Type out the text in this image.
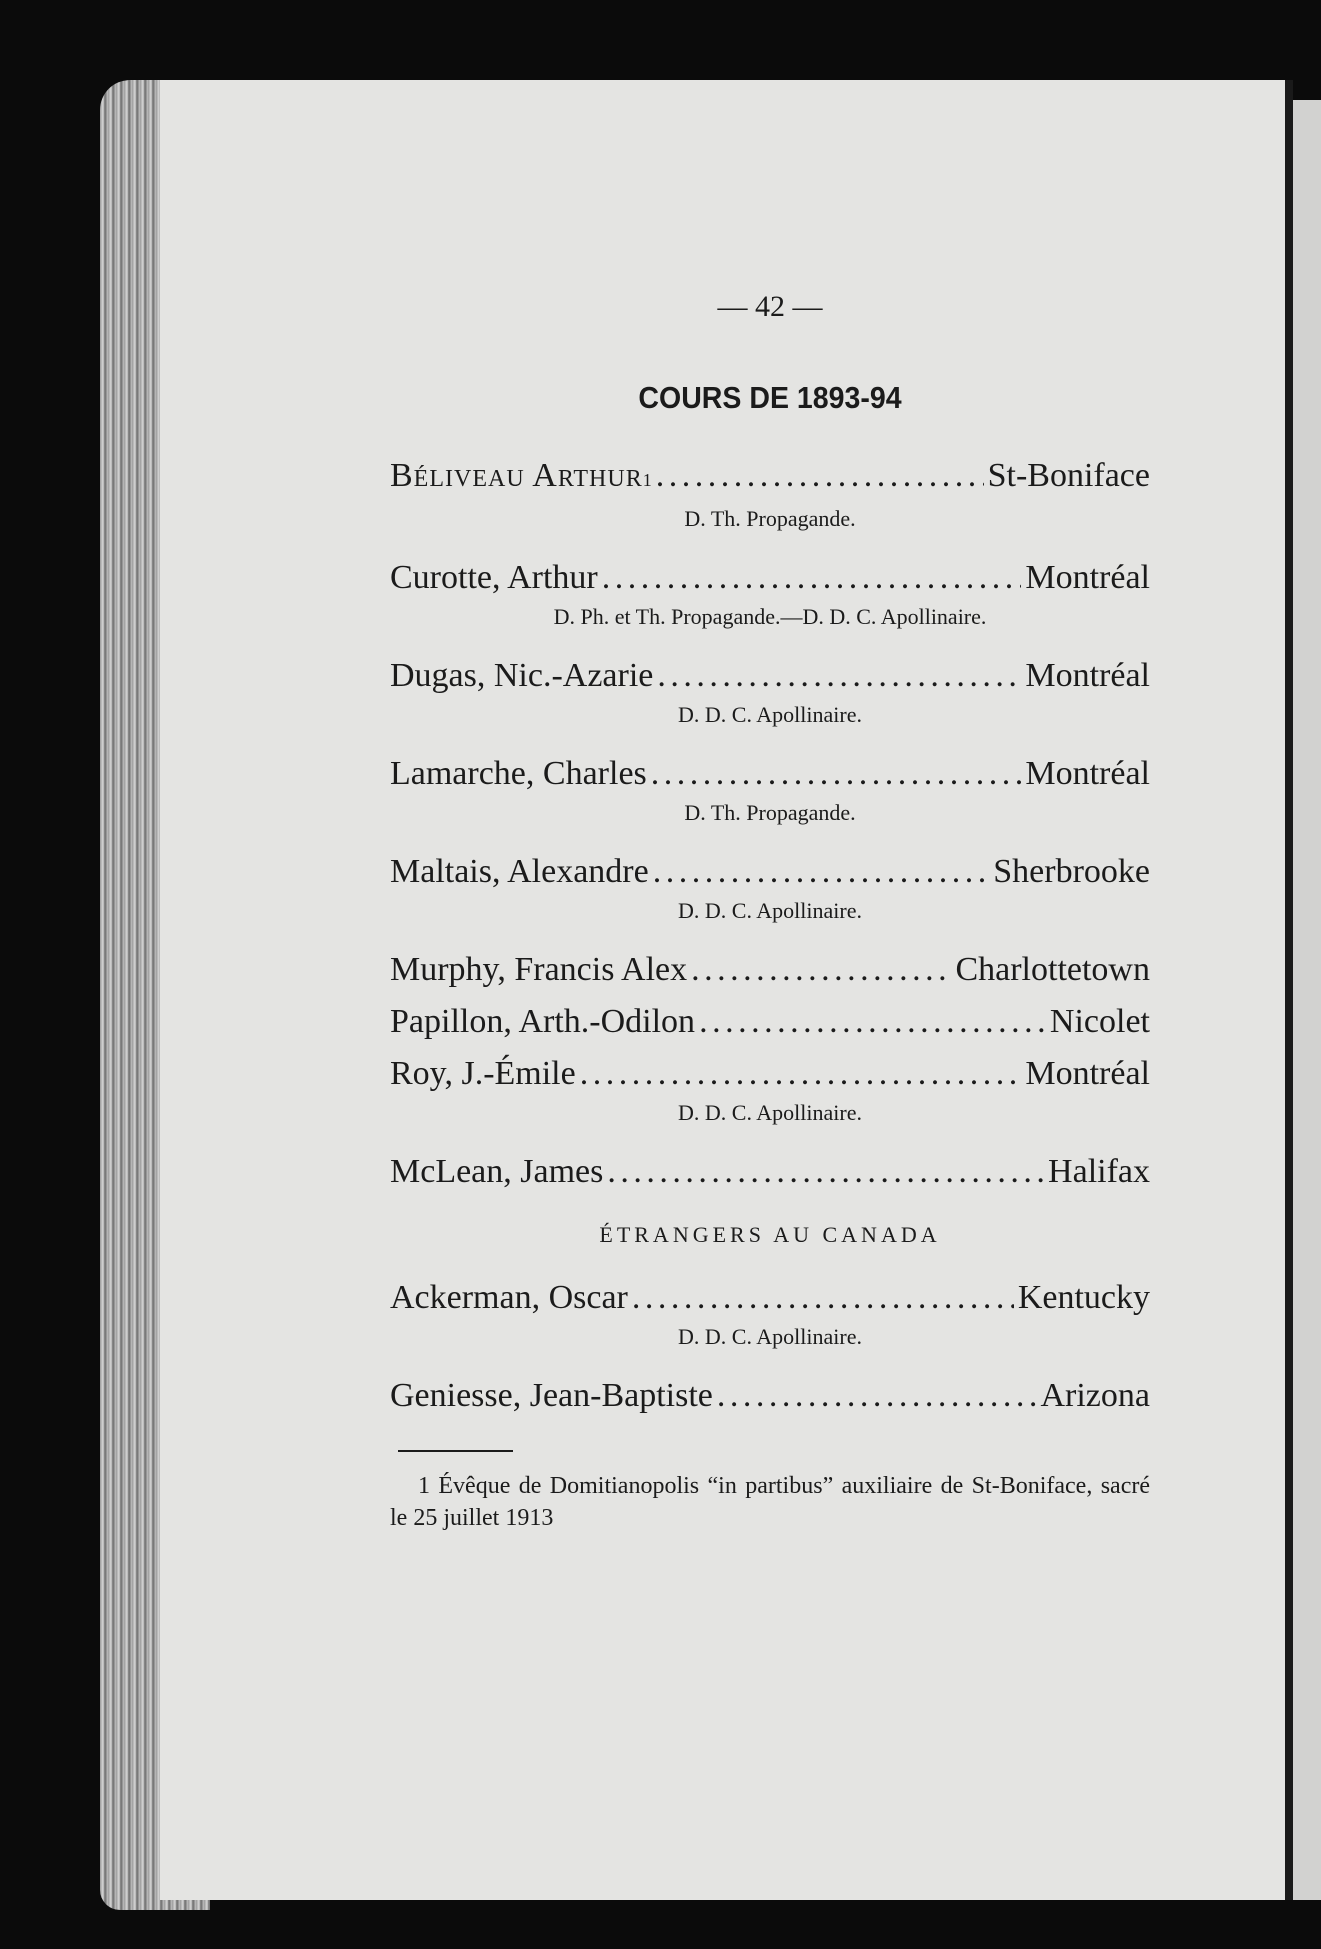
— 42 —
COURS DE 1893-94
Béliveau Arthur 1 . . .	St-Boniface
D. Th. Propagande.
Curotte, Arthur . . .	Montréal
D. Ph. et Th. Propagande.—D. D. C. Apollinaire.
Dugas, Nic.-Azarie . . .	Montréal
D. D. C. Apollinaire.
Lamarche, Charles . . .	Montréal
D. Th. Propagande.
Maltais, Alexandre . . .	Sherbrooke
D. D. C. Apollinaire.
Murphy, Francis Alex . . .	Charlottetown
Papillon, Arth.-Odilon . . .	Nicolet
Roy, J.-Émile . . .	Montréal
D. D. C. Apollinaire.
McLean, James . . .	Halifax
ÉTRANGERS AU CANADA
Ackerman, Oscar . . .	Kentucky
D. D. C. Apollinaire.
Geniesse, Jean-Baptiste . . .	Arizona
1 Évêque de Domitianopolis “in partibus” auxiliaire de St-Boniface, sacré le 25 juillet 1913
